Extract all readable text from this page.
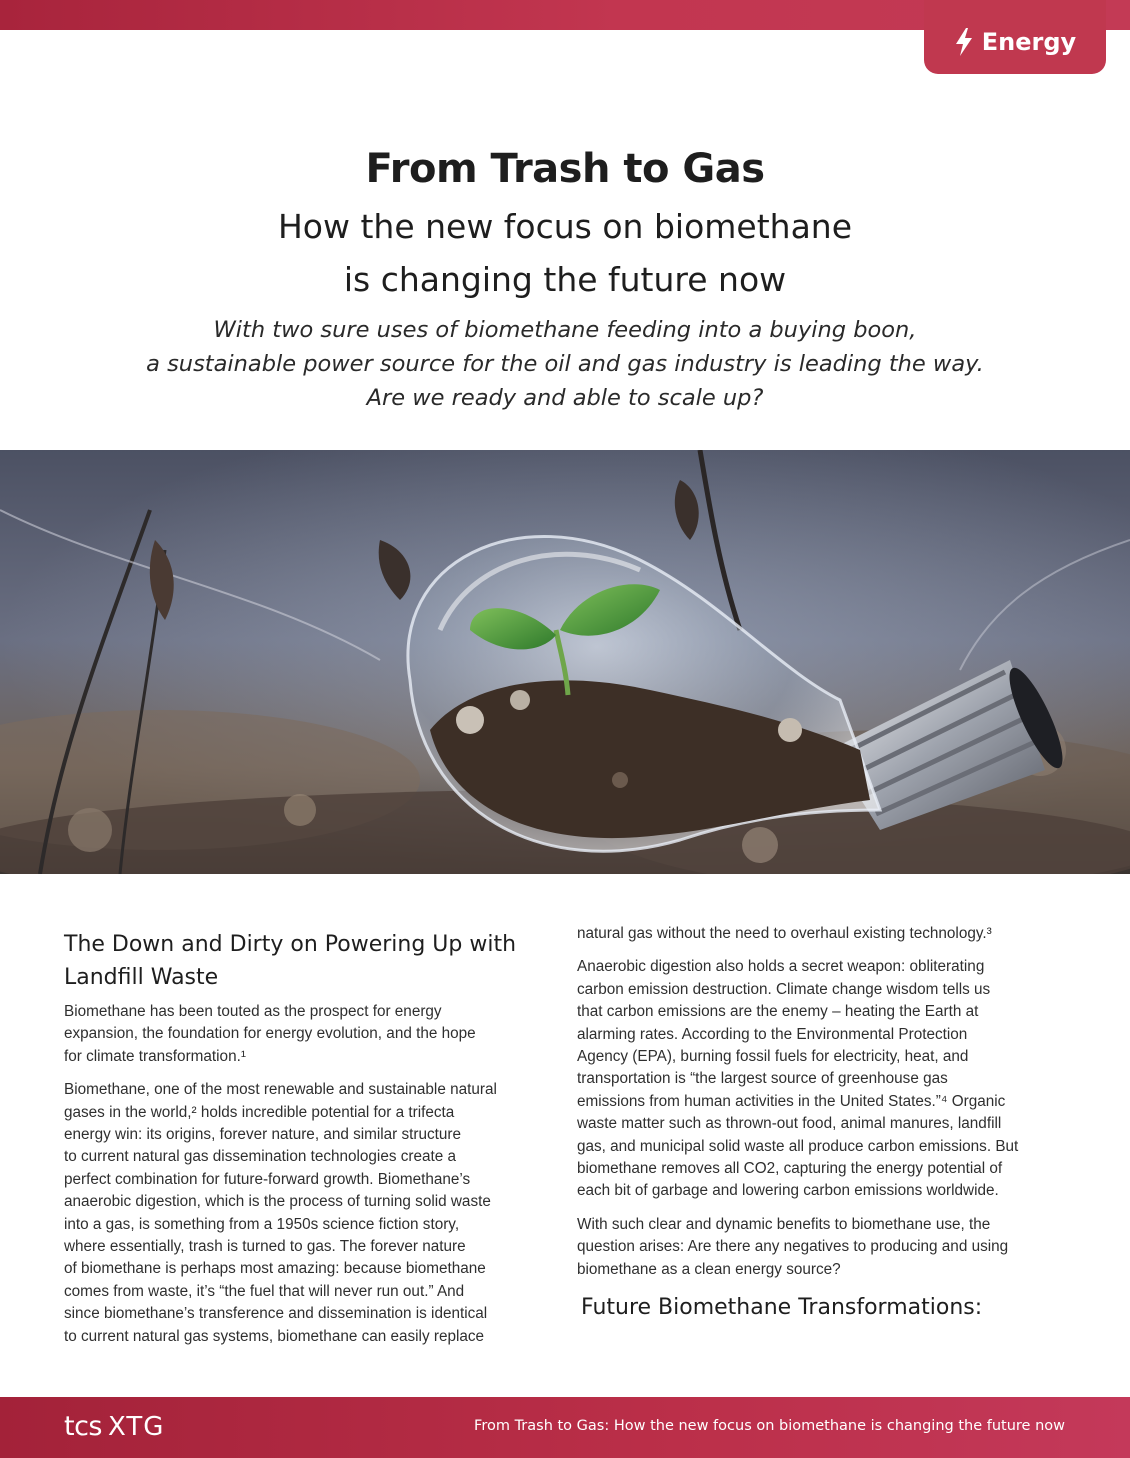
Energy
From Trash to Gas
How the new focus on biomethane
is changing the future now
With two sure uses of biomethane feeding into a buying boon,
a sustainable power source for the oil and gas industry is leading the way.
Are we ready and able to scale up?
The Down and Dirty on Powering Up with
Landfill Waste

Biomethane has been touted as the prospect for energy
expansion, the foundation for energy evolution, and the hope
for climate transformation.¹

Biomethane, one of the most renewable and sustainable natural
gases in the world,² holds incredible potential for a trifecta
energy win: its origins, forever nature, and similar structure
to current natural gas dissemination technologies create a
perfect combination for future-forward growth. Biomethane’s
anaerobic digestion, which is the process of turning solid waste
into a gas, is something from a 1950s science fiction story,
where essentially, trash is turned to gas. The forever nature
of biomethane is perhaps most amazing: because biomethane
comes from waste, it’s “the fuel that will never run out.” And
since biomethane’s transference and dissemination is identical
to current natural gas systems, biomethane can easily replace

natural gas without the need to overhaul existing technology.³

Anaerobic digestion also holds a secret weapon: obliterating
carbon emission destruction. Climate change wisdom tells us
that carbon emissions are the enemy – heating the Earth at
alarming rates. According to the Environmental Protection
Agency (EPA), burning fossil fuels for electricity, heat, and
transportation is “the largest source of greenhouse gas
emissions from human activities in the United States.”⁴ Organic
waste matter such as thrown-out food, animal manures, landfill
gas, and municipal solid waste all produce carbon emissions. But
biomethane removes all CO2, capturing the energy potential of
each bit of garbage and lowering carbon emissions worldwide.

With such clear and dynamic benefits to biomethane use, the
question arises: Are there any negatives to producing and using
biomethane as a clean energy source?

Future Biomethane Transformations:
tcs XTG	From Trash to Gas: How the new focus on biomethane is changing the future now
